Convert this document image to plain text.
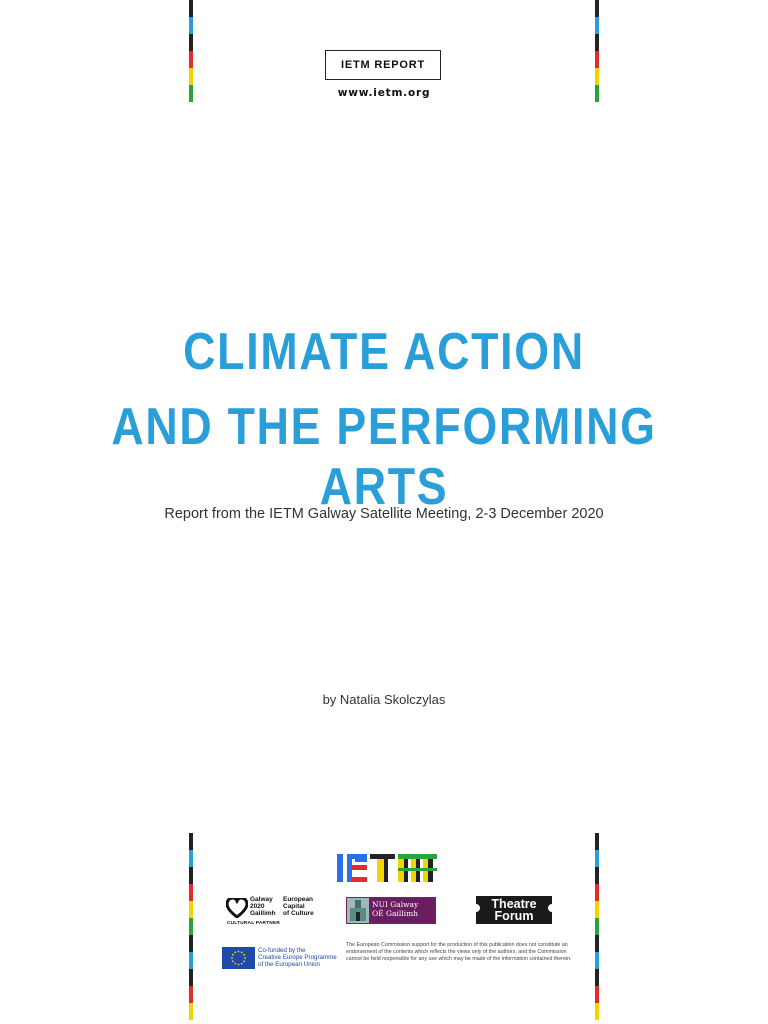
IETM REPORT
www.ietm.org
CLIMATE ACTION
AND THE PERFORMING ARTS
Report from the IETM Galway Satellite Meeting, 2-3 December 2020
by Natalia Skolczylas
Galway
2020
Gaillimh
European
Capital
of Culture
CULTURAL PARTNER
NUI Galway
OÉ Gaillimh
Theatre
Forum
Co-funded by the
Creative Europe Programme
of the European Union
The European Commission support for the production of this publication does not constitute an endorsement of the contents which reflects the views only of the authors, and the Commission cannot be held responsible for any use which may be made of the information contained therein.
